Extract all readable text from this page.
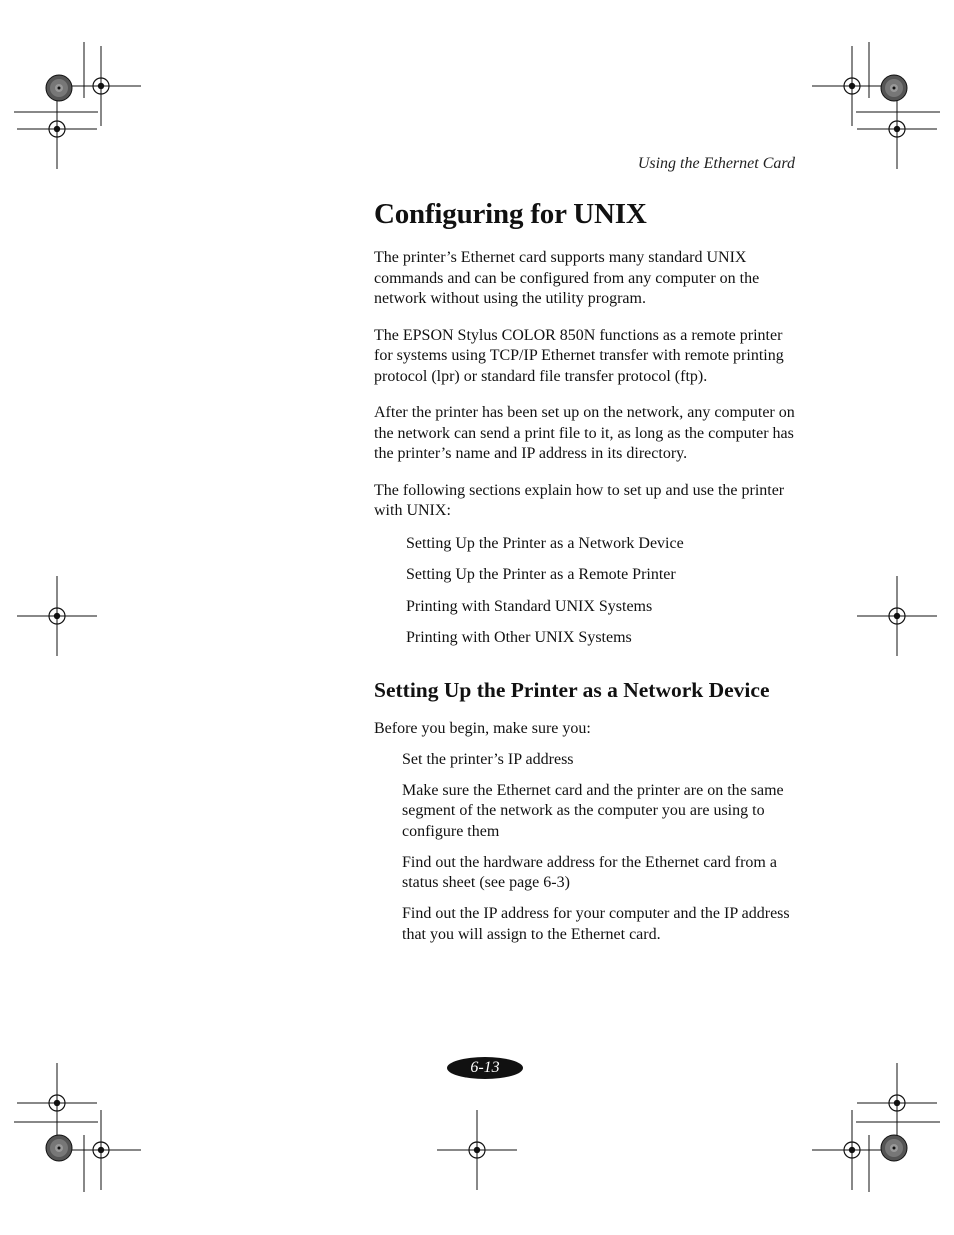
Using the Ethernet Card
Configuring for UNIX

The printer’s Ethernet card supports many standard UNIX commands and can be configured from any computer on the network without using the utility program.

The EPSON Stylus COLOR 850N functions as a remote printer for systems using TCP/IP Ethernet transfer with remote printing protocol (lpr) or standard file transfer protocol (ftp).

After the printer has been set up on the network, any computer on the network can send a print file to it, as long as the computer has the printer’s name and IP address in its directory.

The following sections explain how to set up and use the printer with UNIX:

Setting Up the Printer as a Network Device
Setting Up the Printer as a Remote Printer
Printing with Standard UNIX Systems
Printing with Other UNIX Systems
Setting Up the Printer as a Network Device

Before you begin, make sure you:

Set the printer’s IP address
Make sure the Ethernet card and the printer are on the same segment of the network as the computer you are using to configure them
Find out the hardware address for the Ethernet card from a status sheet (see page 6-3)
Find out the IP address for your computer and the IP address that you will assign to the Ethernet card.
6-13
